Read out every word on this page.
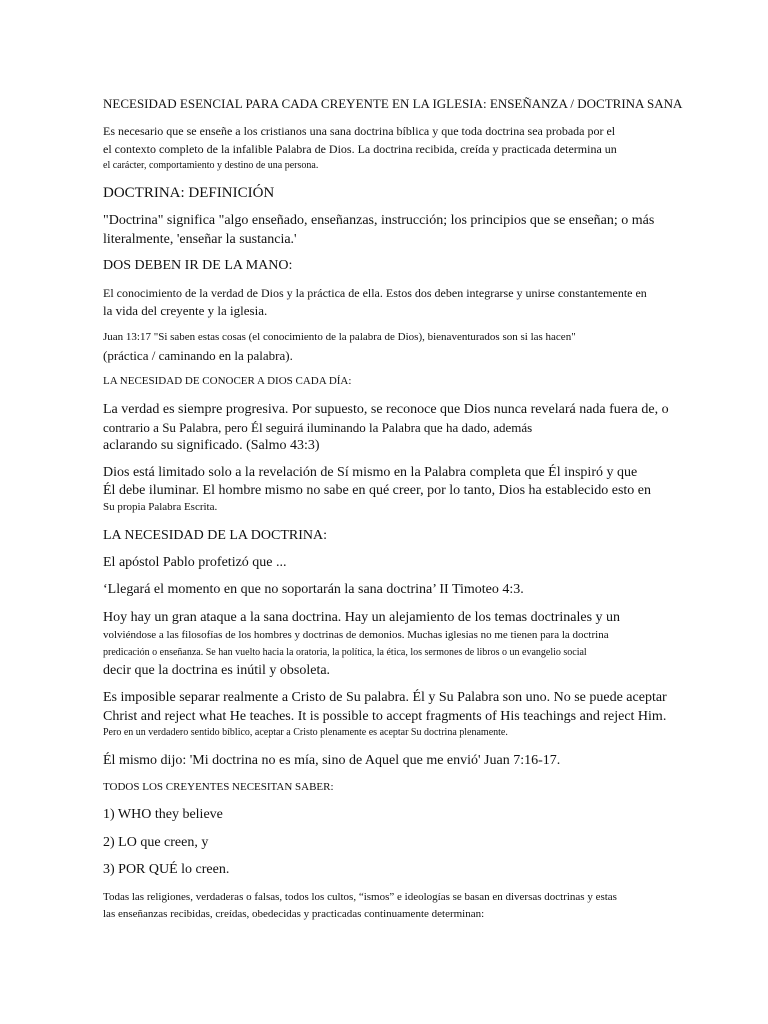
NECESIDAD ESENCIAL PARA CADA CREYENTE EN LA IGLESIA: ENSEÑANZA / DOCTRINA SANA
Es necesario que se enseñe a los cristianos una sana doctrina bíblica y que toda doctrina sea probada por el
el contexto completo de la infalible Palabra de Dios. La doctrina recibida, creída y practicada determina un
el carácter, comportamiento y destino de una persona.
DOCTRINA: DEFINICIÓN
"Doctrina" significa "algo enseñado, enseñanzas, instrucción; los principios que se enseñan; o más
literalmente, 'enseñar la sustancia.'
DOS DEBEN IR DE LA MANO:
El conocimiento de la verdad de Dios y la práctica de ella. Estos dos deben integrarse y unirse constantemente en
la vida del creyente y la iglesia.
Juan 13:17 "Si saben estas cosas (el conocimiento de la palabra de Dios), bienaventurados son si las hacen"
(práctica / caminando en la palabra).
LA NECESIDAD DE CONOCER A DIOS CADA DÍA:
La verdad es siempre progresiva. Por supuesto, se reconoce que Dios nunca revelará nada fuera de, o
contrario a Su Palabra, pero Él seguirá iluminando la Palabra que ha dado, además
aclarando su significado. (Salmo 43:3)
Dios está limitado solo a la revelación de Sí mismo en la Palabra completa que Él inspiró y que
Él debe iluminar. El hombre mismo no sabe en qué creer, por lo tanto, Dios ha establecido esto en
Su propia Palabra Escrita.
LA NECESIDAD DE LA DOCTRINA:
El apóstol Pablo profetizó que ...
‘Llegará el momento en que no soportarán la sana doctrina’ II Timoteo 4:3.
Hoy hay un gran ataque a la sana doctrina. Hay un alejamiento de los temas doctrinales y un
volviéndose a las filosofías de los hombres y doctrinas de demonios. Muchas iglesias no me tienen para la doctrina
predicación o enseñanza. Se han vuelto hacia la oratoria, la política, la ética, los sermones de libros o un evangelio social
decir que la doctrina es inútil y obsoleta.
Es imposible separar realmente a Cristo de Su palabra. Él y Su Palabra son uno. No se puede aceptar
Christ and reject what He teaches. It is possible to accept fragments of His teachings and reject Him.
Pero en un verdadero sentido bíblico, aceptar a Cristo plenamente es aceptar Su doctrina plenamente.
Él mismo dijo: 'Mi doctrina no es mía, sino de Aquel que me envió' Juan 7:16-17.
TODOS LOS CREYENTES NECESITAN SABER:
1) WHO they believe
2) LO que creen, y
3) POR QUÉ lo creen.
Todas las religiones, verdaderas o falsas, todos los cultos, “ismos” e ideologías se basan en diversas doctrinas y estas
las enseñanzas recibidas, creídas, obedecidas y practicadas continuamente determinan:
